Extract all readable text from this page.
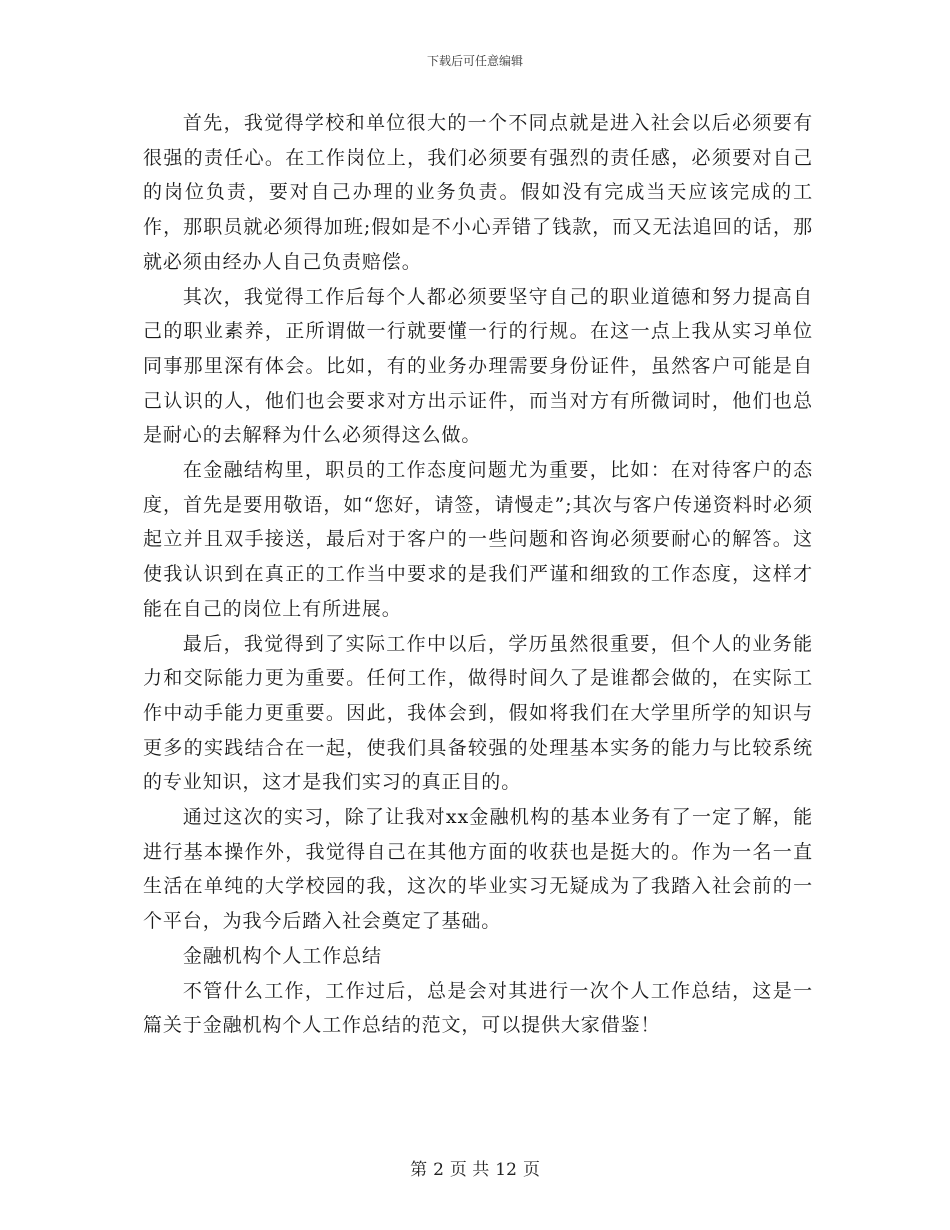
下载后可任意编辑

首先，我觉得学校和单位很大的一个不同点就是进入社会以后必须要有很强的责任心。在工作岗位上，我们必须要有强烈的责任感，必须要对自己的岗位负责，要对自己办理的业务负责。假如没有完成当天应该完成的工作，那职员就必须得加班;假如是不小心弄错了钱款，而又无法追回的话，那就必须由经办人自己负责赔偿。

其次，我觉得工作后每个人都必须要坚守自己的职业道德和努力提高自己的职业素养，正所谓做一行就要懂一行的行规。在这一点上我从实习单位同事那里深有体会。比如，有的业务办理需要身份证件，虽然客户可能是自己认识的人，他们也会要求对方出示证件，而当对方有所微词时，他们也总是耐心的去解释为什么必须得这么做。

在金融结构里，职员的工作态度问题尤为重要，比如：在对待客户的态度，首先是要用敬语，如“您好，请签，请慢走”;其次与客户传递资料时必须起立并且双手接送，最后对于客户的一些问题和咨询必须要耐心的解答。这使我认识到在真正的工作当中要求的是我们严谨和细致的工作态度，这样才能在自己的岗位上有所进展。

最后，我觉得到了实际工作中以后，学历虽然很重要，但个人的业务能力和交际能力更为重要。任何工作，做得时间久了是谁都会做的，在实际工作中动手能力更重要。因此，我体会到，假如将我们在大学里所学的知识与更多的实践结合在一起，使我们具备较强的处理基本实务的能力与比较系统的专业知识，这才是我们实习的真正目的。

通过这次的实习，除了让我对xx金融机构的基本业务有了一定了解，能进行基本操作外，我觉得自己在其他方面的收获也是挺大的。作为一名一直生活在单纯的大学校园的我，这次的毕业实习无疑成为了我踏入社会前的一个平台，为我今后踏入社会奠定了基础。

金融机构个人工作总结

不管什么工作，工作过后，总是会对其进行一次个人工作总结，这是一篇关于金融机构个人工作总结的范文，可以提供大家借鉴！

第 2 页 共 12 页
